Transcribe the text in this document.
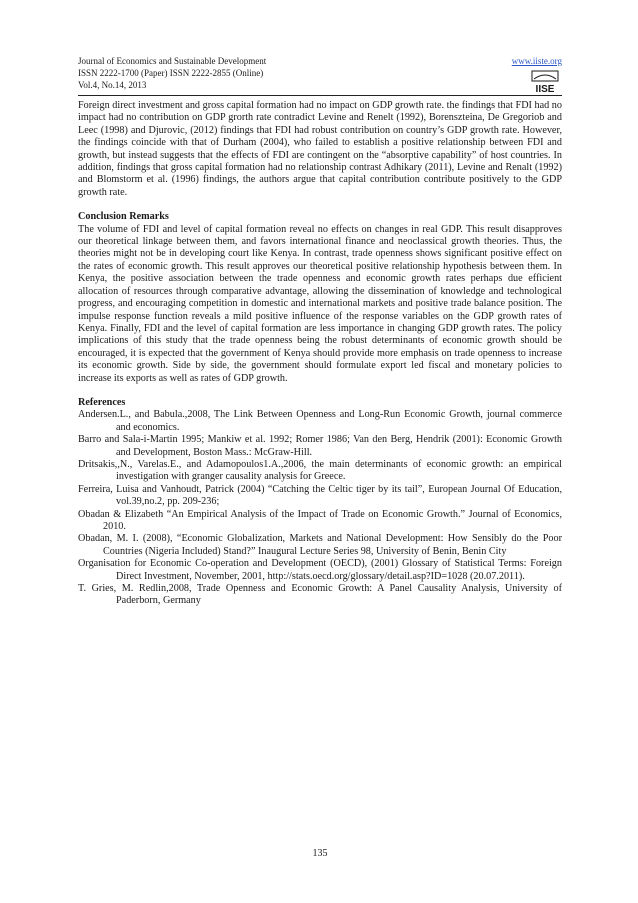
Journal of Economics and Sustainable Development
ISSN 2222-1700 (Paper) ISSN 2222-2855 (Online)
Vol.4, No.14, 2013
www.iiste.org
IISE

Foreign direct investment and gross capital formation had no impact on GDP growth rate. the findings that FDI had no impact had no contribution on GDP grorth rate contradict Levine and Renelt (1992), Borenszteina, De Gregoriob and Leec (1998) and Djurovic, (2012) findings that FDI had robust contribution on country’s GDP growth rate. However, the findings coincide with that of Durham (2004), who failed to establish a positive relationship between FDI and growth, but instead suggests that the effects of FDI are contingent on the “absorptive capability” of host countries. In addition, findings that gross capital formation had no relationship contrast Adhikary (2011), Levine and Renalt (1992) and Blomstorm et al. (1996) findings, the authors argue that capital contribution contribute positively to the GDP growth rate.

Conclusion Remarks

The volume of FDI and level of capital formation reveal no effects on changes in real GDP. This result disapproves our theoretical linkage between them, and favors international finance and neoclassical growth theories. Thus, the theories might not be in developing court like Kenya. In contrast, trade openness shows significant positive effect on the rates of economic growth. This result approves our theoretical positive relationship hypothesis between them. In Kenya, the positive association between the trade openness and economic growth rates perhaps due efficient allocation of resources through comparative advantage, allowing the dissemination of knowledge and technological progress, and encouraging competition in domestic and international markets and positive trade balance position. The impulse response function reveals a mild positive influence of the response variables on the GDP growth rates of Kenya. Finally, FDI and the level of capital formation are less importance in changing GDP growth rates. The policy implications of this study that the trade openness being the robust determinants of economic growth should be encouraged, it is expected that the government of Kenya should provide more emphasis on trade openness to increase its economic growth. Side by side, the government should formulate export led fiscal and monetary policies to increase its exports as well as rates of GDP growth.

References

Andersen.L., and Babula.,2008, The Link Between Openness and Long-Run Economic Growth, journal commerce and economics.

Barro and Sala-i-Martin 1995; Mankiw et al. 1992; Romer 1986; Van den Berg, Hendrik (2001): Economic Growth and Development, Boston Mass.: McGraw-Hill.

Dritsakis,,N., Varelas.E., and Adamopoulos1.A.,2006, the main determinants of economic growth: an empirical investigation with granger causality analysis for Greece.

Ferreira, Luisa and Vanhoudt, Patrick (2004) “Catching the Celtic tiger by its tail”, European Journal Of Education, vol.39,no.2, pp. 209-236;

Obadan & Elizabeth “An Empirical Analysis of the Impact of Trade on Economic Growth.” Journal of Economics, 2010.

Obadan, M. I. (2008), “Economic Globalization, Markets and National Development: How Sensibly do the Poor Countries (Nigeria Included) Stand?” Inaugural Lecture Series 98, University of Benin, Benin City

Organisation for Economic Co-operation and Development (OECD), (2001) Glossary of Statistical Terms: Foreign Direct Investment, November, 2001, http://stats.oecd.org/glossary/detail.asp?ID=1028 (20.07.2011).

T. Gries, M. Redlin,2008, Trade Openness and Economic Growth: A Panel Causality Analysis, University of Paderborn, Germany

135
